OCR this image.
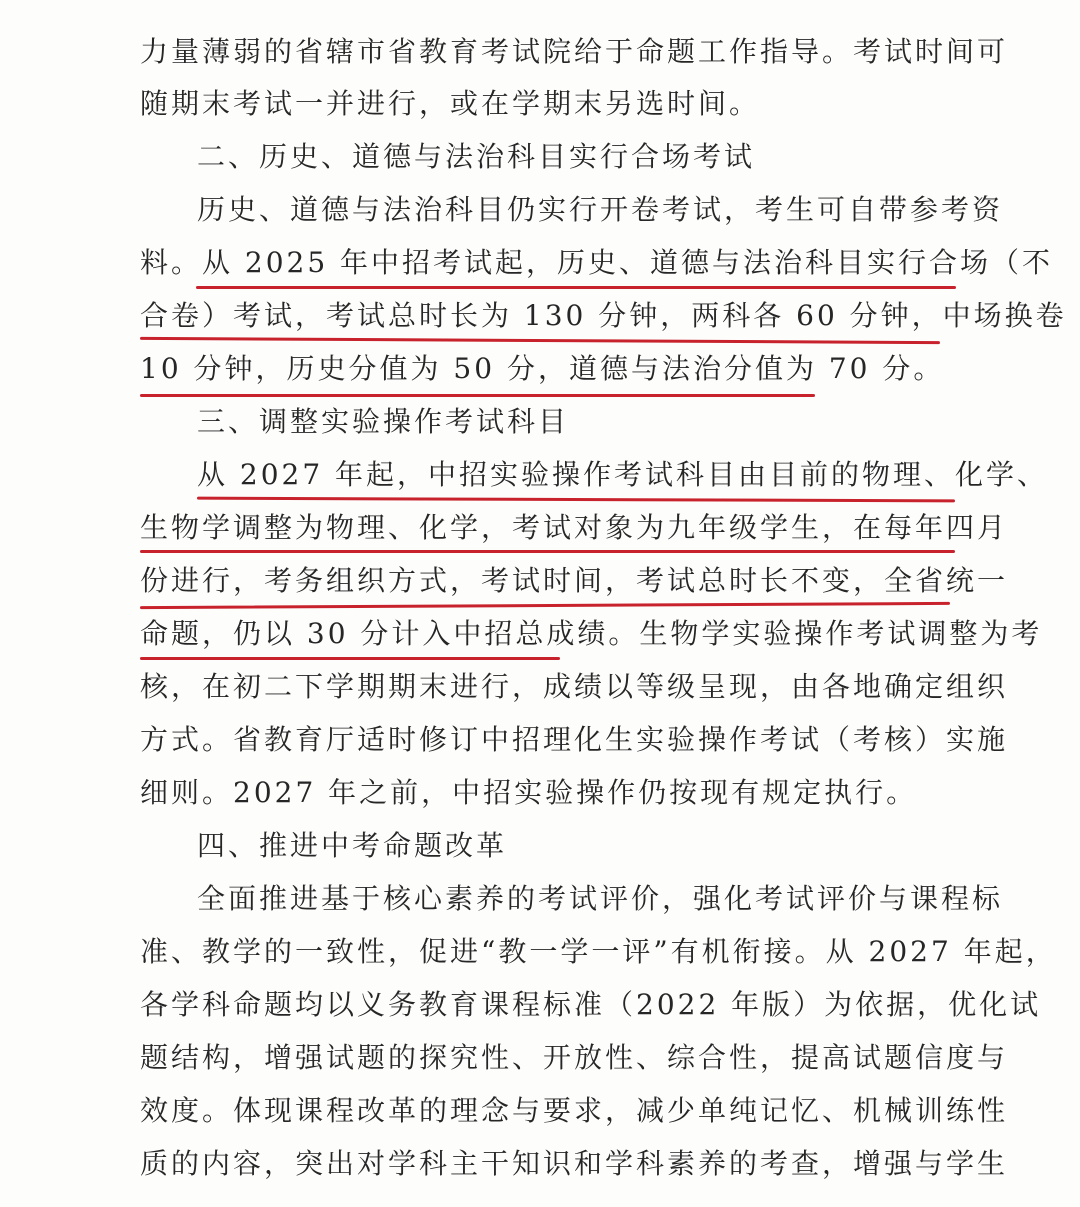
力量薄弱的省辖市省教育考试院给于命题工作指导。考试时间可
随期末考试一并进行，或在学期末另选时间。
二、历史、道德与法治科目实行合场考试
历史、道德与法治科目仍实行开卷考试，考生可自带参考资
料。从 2025 年中招考试起，历史、道德与法治科目实行合场（不
合卷）考试，考试总时长为 130 分钟，两科各 60 分钟，中场换卷
10 分钟，历史分值为 50 分，道德与法治分值为 70 分。
三、调整实验操作考试科目
从 2027 年起，中招实验操作考试科目由目前的物理、化学、
生物学调整为物理、化学，考试对象为九年级学生，在每年四月
份进行，考务组织方式，考试时间，考试总时长不变，全省统一
命题，仍以 30 分计入中招总成绩。生物学实验操作考试调整为考
核，在初二下学期期末进行，成绩以等级呈现，由各地确定组织
方式。省教育厅适时修订中招理化生实验操作考试（考核）实施
细则。2027 年之前，中招实验操作仍按现有规定执行。
四、推进中考命题改革
全面推进基于核心素养的考试评价，强化考试评价与课程标
准、教学的一致性，促进“教一学一评”有机衔接。从 2027 年起，
各学科命题均以义务教育课程标准（2022 年版）为依据，优化试
题结构，增强试题的探究性、开放性、综合性，提高试题信度与
效度。体现课程改革的理念与要求，减少单纯记忆、机械训练性
质的内容，突出对学科主干知识和学科素养的考查，增强与学生
